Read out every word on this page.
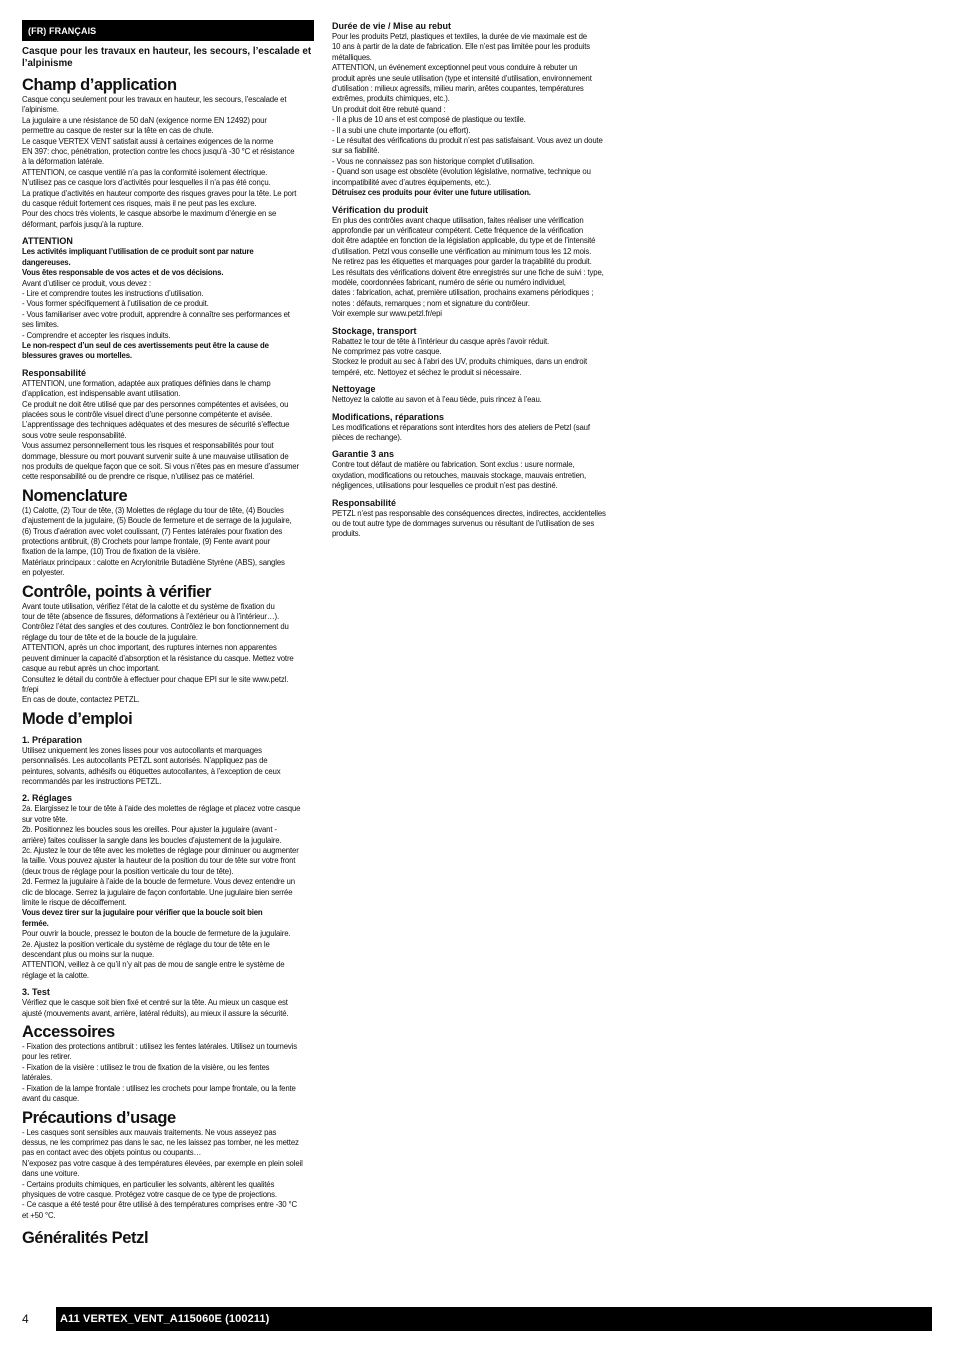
(FR) FRANÇAIS
Casque pour les travaux en hauteur, les secours, l’escalade et l’alpinisme
Champ d’application
Casque conçu seulement pour les travaux en hauteur, les secours, l’escalade et
l’alpinisme.
La jugulaire a une résistance de 50 daN (exigence norme EN 12492) pour
permettre au casque de rester sur la tête en cas de chute.
Le casque VERTEX VENT satisfait aussi à certaines exigences de la norme
EN 397: choc, pénétration, protection contre les chocs jusqu’à -30 °C et résistance
à la déformation latérale.
ATTENTION, ce casque ventilé n’a pas la conformité isolement électrique.
N’utilisez pas ce casque lors d’activités pour lesquelles il n’a pas été conçu.
La pratique d’activités en hauteur comporte des risques graves pour la tête. Le port
du casque réduit fortement ces risques, mais il ne peut pas les exclure.
Pour des chocs très violents, le casque absorbe le maximum d’énergie en se
déformant, parfois jusqu’à la rupture.
ATTENTION
Les activités impliquant l’utilisation de ce produit sont par nature
dangereuses.
Vous êtes responsable de vos actes et de vos décisions.
Avant d’utiliser ce produit, vous devez :
- Lire et comprendre toutes les instructions d’utilisation.
- Vous former spécifiquement à l’utilisation de ce produit.
- Vous familiariser avec votre produit, apprendre à connaître ses performances et
ses limites.
- Comprendre et accepter les risques induits.
Le non-respect d’un seul de ces avertissements peut être la cause de
blessures graves ou mortelles.
Responsabilité
ATTENTION, une formation, adaptée aux pratiques définies dans le champ
d’application, est indispensable avant utilisation.
Ce produit ne doit être utilisé que par des personnes compétentes et avisées, ou
placées sous le contrôle visuel direct d’une personne compétente et avisée.
L’apprentissage des techniques adéquates et des mesures de sécurité s’effectue
sous votre seule responsabilité.
Vous assumez personnellement tous les risques et responsabilités pour tout
dommage, blessure ou mort pouvant survenir suite à une mauvaise utilisation de
nos produits de quelque façon que ce soit. Si vous n’êtes pas en mesure d’assumer
cette responsabilité ou de prendre ce risque, n’utilisez pas ce matériel.
Nomenclature
(1) Calotte, (2) Tour de tête, (3) Molettes de réglage du tour de tête, (4) Boucles
d’ajustement de la jugulaire, (5) Boucle de fermeture et de serrage de la jugulaire,
(6) Trous d’aération avec volet coulissant, (7) Fentes latérales pour fixation des
protections antibruit, (8) Crochets pour lampe frontale, (9) Fente avant pour
fixation de la lampe, (10) Trou de fixation de la visière.
Matériaux principaux : calotte en Acrylonitrile Butadiène Styrène (ABS), sangles
en polyester.
Contrôle, points à vérifier
Avant toute utilisation, vérifiez l’état de la calotte et du système de fixation du
tour de tête (absence de fissures, déformations à l’extérieur ou à l’intérieur…).
Contrôlez l’état des sangles et des coutures. Contrôlez le bon fonctionnement du
réglage du tour de tête et de la boucle de la jugulaire.
ATTENTION, après un choc important, des ruptures internes non apparentes
peuvent diminuer la capacité d’absorption et la résistance du casque. Mettez votre
casque au rebut après un choc important.
Consultez le détail du contrôle à effectuer pour chaque EPI sur le site www.petzl.
fr/epi
En cas de doute, contactez PETZL.
Mode d’emploi
1. Préparation
Utilisez uniquement les zones lisses pour vos autocollants et marquages
personnalisés. Les autocollants PETZL sont autorisés. N’appliquez pas de
peintures, solvants, adhésifs ou étiquettes autocollantes, à l’exception de ceux
recommandés par les instructions PETZL.
2. Réglages
2a. Elargissez le tour de tête à l’aide des molettes de réglage et placez votre casque
sur votre tête.
2b. Positionnez les boucles sous les oreilles. Pour ajuster la jugulaire (avant -
arrière) faites coulisser la sangle dans les boucles d’ajustement de la jugulaire.
2c. Ajustez le tour de tête avec les molettes de réglage pour diminuer ou augmenter
la taille. Vous pouvez ajuster la hauteur de la position du tour de tête sur votre front
(deux trous de réglage pour la position verticale du tour de tête).
2d. Fermez la jugulaire à l’aide de la boucle de fermeture. Vous devez entendre un
clic de blocage. Serrez la jugulaire de façon confortable. Une jugulaire bien serrée
limite le risque de décoiffement.
Vous devez tirer sur la jugulaire pour vérifier que la boucle soit bien
fermée.
Pour ouvrir la boucle, pressez le bouton de la boucle de fermeture de la jugulaire.
2e. Ajustez la position verticale du système de réglage du tour de tête en le
descendant plus ou moins sur la nuque.
ATTENTION, veillez à ce qu’il n’y ait pas de mou de sangle entre le système de
réglage et la calotte.
3. Test
Vérifiez que le casque soit bien fixé et centré sur la tête. Au mieux un casque est
ajusté (mouvements avant, arrière, latéral réduits), au mieux il assure la sécurité.
Accessoires
- Fixation des protections antibruit : utilisez les fentes latérales. Utilisez un tournevis
pour les retirer.
- Fixation de la visière : utilisez le trou de fixation de la visière, ou les fentes
latérales.
- Fixation de la lampe frontale : utilisez les crochets pour lampe frontale, ou la fente
avant du casque.
Précautions d’usage
- Les casques sont sensibles aux mauvais traitements. Ne vous asseyez pas
dessus, ne les comprimez pas dans le sac, ne les laissez pas tomber, ne les mettez
pas en contact avec des objets pointus ou coupants…
N’exposez pas votre casque à des températures élevées, par exemple en plein soleil
dans une voiture.
- Certains produits chimiques, en particulier les solvants, altèrent les qualités
physiques de votre casque. Protégez votre casque de ce type de projections.
- Ce casque a été testé pour être utilisé à des températures comprises entre -30 °C
et +50 °C.
Généralités Petzl
Durée de vie / Mise au rebut
Pour les produits Petzl, plastiques et textiles, la durée de vie maximale est de
10 ans à partir de la date de fabrication. Elle n’est pas limitée pour les produits
métalliques.
ATTENTION, un événement exceptionnel peut vous conduire à rebuter un
produit après une seule utilisation (type et intensité d’utilisation, environnement
d’utilisation : milieux agressifs, milieu marin, arêtes coupantes, températures
extrêmes, produits chimiques, etc.).
Un produit doit être rebuté quand :
- Il a plus de 10 ans et est composé de plastique ou textile.
- Il a subi une chute importante (ou effort).
- Le résultat des vérifications du produit n’est pas satisfaisant. Vous avez un doute
sur sa fiabilité.
- Vous ne connaissez pas son historique complet d’utilisation.
- Quand son usage est obsolète (évolution législative, normative, technique ou
incompatibilité avec d’autres équipements, etc.).
Détruisez ces produits pour éviter une future utilisation.
Vérification du produit
En plus des contrôles avant chaque utilisation, faites réaliser une vérification
approfondie par un vérificateur compétent. Cette fréquence de la vérification
doit être adaptée en fonction de la législation applicable, du type et de l’intensité
d’utilisation. Petzl vous conseille une vérification au minimum tous les 12 mois.
Ne retirez pas les étiquettes et marquages pour garder la traçabilité du produit.
Les résultats des vérifications doivent être enregistrés sur une fiche de suivi : type,
modèle, coordonnées fabricant, numéro de série ou numéro individuel,
dates : fabrication, achat, première utilisation, prochains examens périodiques ;
notes : défauts, remarques ; nom et signature du contrôleur.
Voir exemple sur www.petzl.fr/epi
Stockage, transport
Rabattez le tour de tête à l’intérieur du casque après l’avoir réduit.
Ne comprimez pas votre casque.
Stockez le produit au sec à l’abri des UV, produits chimiques, dans un endroit
tempéré, etc. Nettoyez et séchez le produit si nécessaire.
Nettoyage
Nettoyez la calotte au savon et à l’eau tiède, puis rincez à l’eau.
Modifications, réparations
Les modifications et réparations sont interdites hors des ateliers de Petzl (sauf
pièces de rechange).
Garantie 3 ans
Contre tout défaut de matière ou fabrication. Sont exclus : usure normale,
oxydation, modifications ou retouches, mauvais stockage, mauvais entretien,
négligences, utilisations pour lesquelles ce produit n’est pas destiné.
Responsabilité
PETZL n’est pas responsable des conséquences directes, indirectes, accidentelles
ou de tout autre type de dommages survenus ou résultant de l’utilisation de ses
produits.
4	A11 VERTEX_VENT_A115060E (100211)
